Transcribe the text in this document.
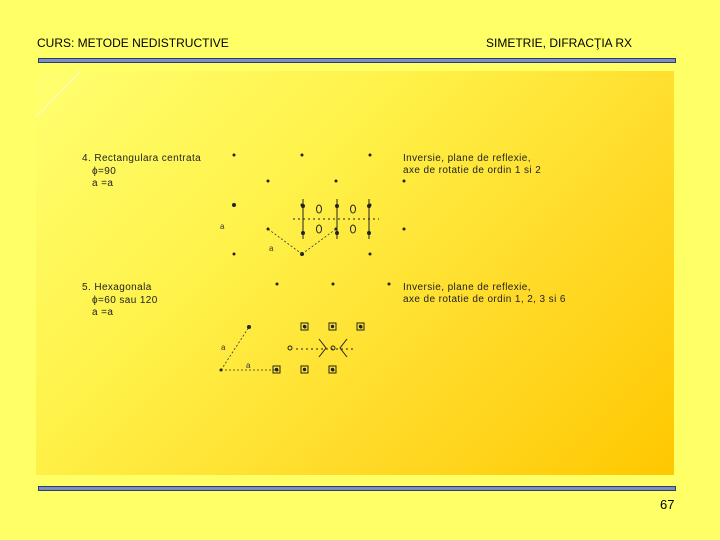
CURS: METODE NEDISTRUCTIVE	SIMETRIE, DIFRACŢIA RX
4. Rectangulara centrata
ϕ=90
a =a
a
a
Inversie, plane de reflexie,
axe de rotatie de ordin 1 si 2
5. Hexagonala
ϕ=60 sau 120
a =a
a
a
Inversie, plane de reflexie,
axe de rotatie de ordin 1, 2, 3 si 6
67
